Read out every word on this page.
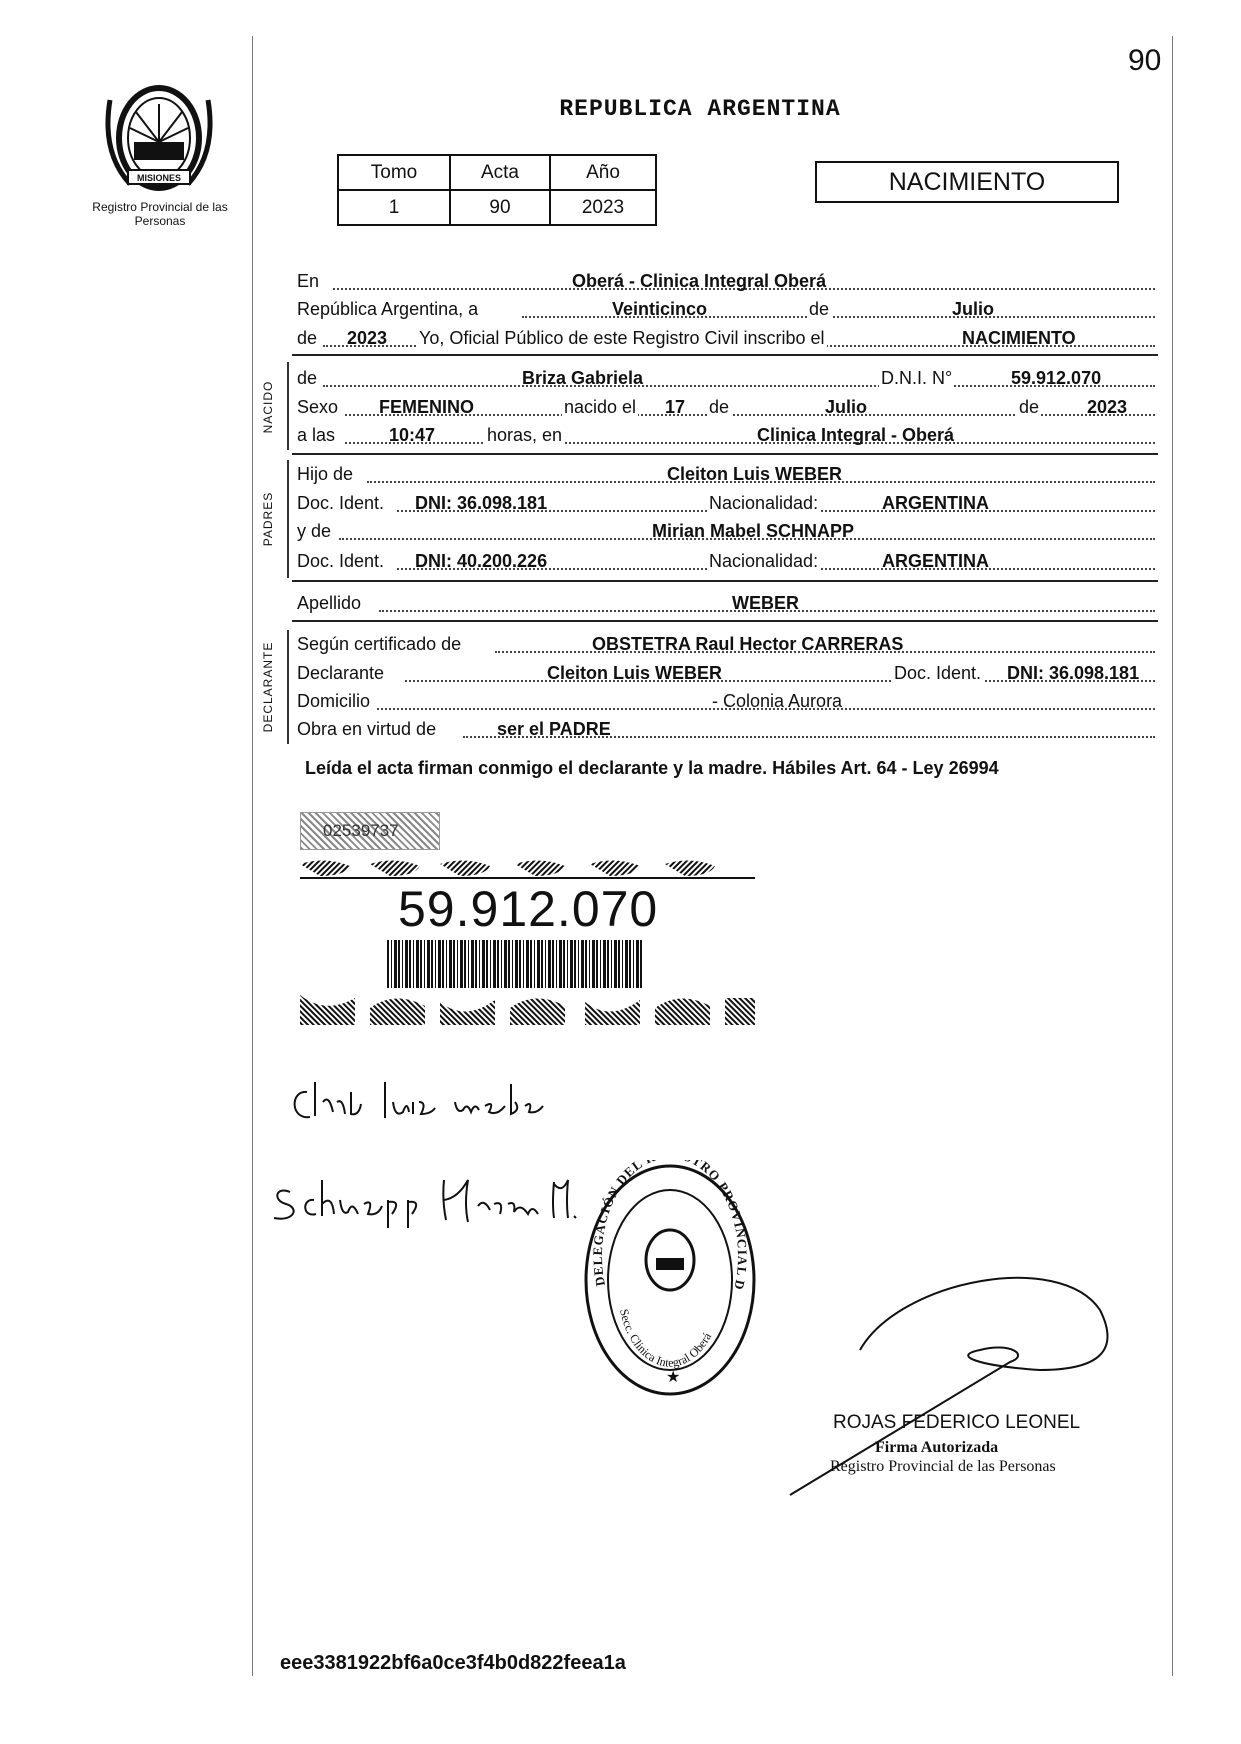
90
MISIONES
Registro Provincial de las Personas
REPUBLICA ARGENTINA
Tomo	Acta	Año
1	90	2023
NACIMIENTO
En	Oberá - Clinica Integral Oberá
República Argentina, a	Veinticinco	de	Julio
de 2023 Yo, Oficial Público de este Registro Civil inscribo el	NACIMIENTO
NACIDO
de	Briza Gabriela	D.N.I. N°	59.912.070
Sexo FEMENINO	nacido el 17 de	Julio	de	2023
a las	10:47	horas, en	Clinica Integral - Oberá
PADRES
Hijo de	Cleiton Luis WEBER
Doc. Ident. DNI: 36.098.181	Nacionalidad:	ARGENTINA
y de	Mirian Mabel SCHNAPP
Doc. Ident. DNI: 40.200.226	Nacionalidad:	ARGENTINA
Apellido	WEBER
DECLARANTE Según certificado de	OBSTETRA Raul Hector CARRERAS
Declarante	Cleiton Luis WEBER	Doc. Ident. DNI: 36.098.181
Domicilio	- Colonia Aurora
Obra en virtud de	ser el PADRE
Leída el acta firman conmigo el declarante y la madre. Hábiles Art. 64 - Ley 26994
02539737
59.912.070
DELEGACIÓN DEL TRO PROVINCIAL D
Secc. Clinica Integral Oberá
★
ROJAS FEDERICO LEONEL
Firma Autorizada
Registro Provincial de las Personas
eee3381922bf6a0ce3f4b0d822feea1a
